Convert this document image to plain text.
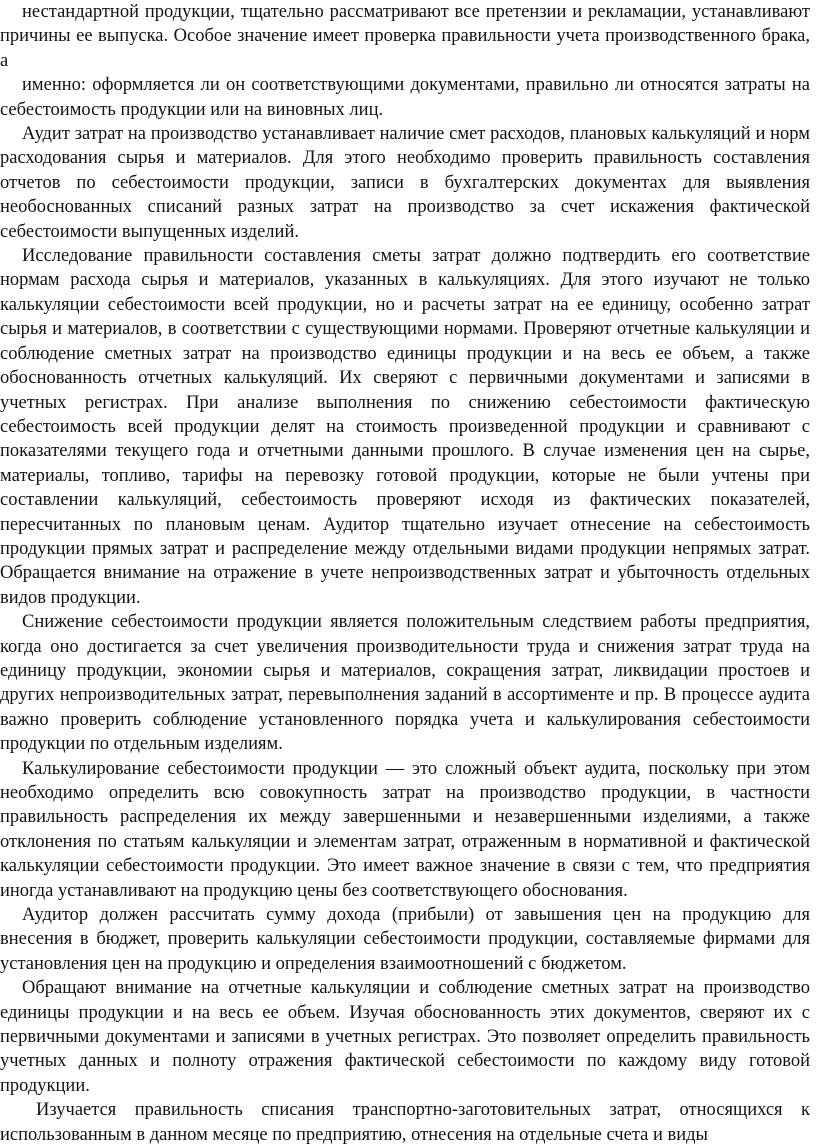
нестандартной продукции, тщательно рассматривают все претензии и рекламации, устанавливают причины ее выпуска. Особое значение имеет проверка правильности учета производственного брака, а

именно: оформляется ли он соответствующими документами, правильно ли относятся затраты на себестоимость продукции или на виновных лиц.

Аудит затрат на производство устанавливает наличие смет расходов, плановых калькуляций и норм расходования сырья и материалов. Для этого необходимо проверить правильность составления отчетов по себестоимости продукции, записи в бухгалтерских документах для выявления необоснованных списаний разных затрат на производство за счет искажения фактической себестоимости выпущенных изделий.

Исследование правильности составления сметы затрат должно подтвердить его соответствие нормам расхода сырья и материалов, указанных в калькуляциях. Для этого изучают не только калькуляции себестоимости всей продукции, но и расчеты затрат на ее единицу, особенно затрат сырья и материалов, в соответствии с существующими нормами. Проверяют отчетные калькуляции и соблюдение сметных затрат на производство единицы продукции и на весь ее объем, а также обоснованность отчетных калькуляций. Их сверяют с первичными документами и записями в учетных регистрах. При анализе выполнения по снижению себестоимости фактическую себестоимость всей продукции делят на стоимость произведенной продукции и сравнивают с показателями текущего года и отчетными данными прошлого. В случае изменения цен на сырье, материалы, топливо, тарифы на перевозку готовой продукции, которые не были учтены при составлении калькуляций, себестоимость проверяют исходя из фактических показателей, пересчитанных по плановым ценам. Аудитор тщательно изучает отнесение на себестоимость продукции прямых затрат и распределение между отдельными видами продукции непрямых затрат. Обращается внимание на отражение в учете непроизводственных затрат и убыточность отдельных видов продукции.

Снижение себестоимости продукции является положительным следствием работы предприятия, когда оно достигается за счет увеличения производительности труда и снижения затрат труда на единицу продукции, экономии сырья и материалов, сокращения затрат, ликвидации простоев и других непроизводительных затрат, перевыполнения заданий в ассортименте и пр. В процессе аудита важно проверить соблюдение установленного порядка учета и калькулирования себестоимости продукции по отдельным изделиям.

Калькулирование себестоимости продукции — это сложный объект аудита, поскольку при этом необходимо определить всю совокупность затрат на производство продукции, в частности правильность распределения их между завершенными и незавершенными изделиями, а также отклонения по статьям калькуляции и элементам затрат, отраженным в нормативной и фактической калькуляции себестоимости продукции. Это имеет важное значение в связи с тем, что предприятия иногда устанавливают на продукцию цены без соответствующего обоснования.

Аудитор должен рассчитать сумму дохода (прибыли) от завышения цен на продукцию для внесения в бюджет, проверить калькуляции себестоимости продукции, составляемые фирмами для установления цен на продукцию и определения взаимоотношений с бюджетом.

Обращают внимание на отчетные калькуляции и соблюдение сметных затрат на производство единицы продукции и на весь ее объем. Изучая обоснованность этих документов, сверяют их с первичными документами и записями в учетных регистрах. Это позволяет определить правильность учетных данных и полноту отражения фактической себестоимости по каждому виду готовой продукции.

Изучается правильность списания транспортно-заготовительных затрат, относящихся к использованным в данном месяце по предприятию, отнесения на отдельные счета и виды
